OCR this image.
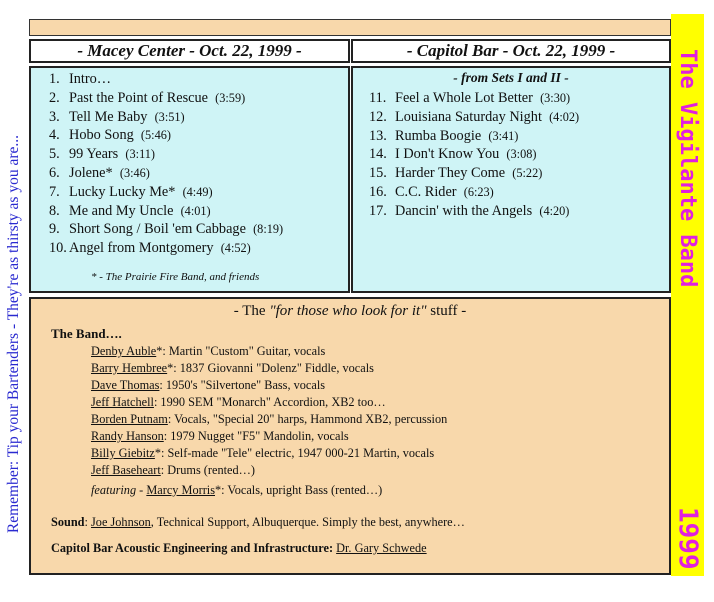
Remember: Tip your Bartenders - They're as thirsty as you are...
- Macey Center - Oct. 22, 1999 -	- Capitol Bar - Oct. 22, 1999 -
1. Intro…
2. Past the Point of Rescue (3:59)
3. Tell Me Baby (3:51)
4. Hobo Song (5:46)
5. 99 Years (3:11)
6. Jolene* (3:46)
7. Lucky Lucky Me* (4:49)
8. Me and My Uncle (4:01)
9. Short Song / Boil 'em Cabbage (8:19)
10. Angel from Montgomery (4:52)
* - The Prairie Fire Band, and friends
- from Sets I and II -
11. Feel a Whole Lot Better (3:30)
12. Louisiana Saturday Night (4:02)
13. Rumba Boogie (3:41)
14. I Don't Know You (3:08)
15. Harder They Come (5:22)
16. C.C. Rider (6:23)
17. Dancin' with the Angels (4:20)
- The "for those who look for it" stuff -
The Band….
Denby Auble*: Martin "Custom" Guitar, vocals
Barry Hembree*: 1837 Giovanni "Dolenz" Fiddle, vocals
Dave Thomas: 1950's "Silvertone" Bass, vocals
Jeff Hatchell: 1990 SEM "Monarch" Accordion, XB2 too…
Borden Putnam: Vocals, "Special 20" harps, Hammond XB2, percussion
Randy Hanson: 1979 Nugget "F5" Mandolin, vocals
Billy Giebitz*: Self-made "Tele" electric, 1947 000-21 Martin, vocals
Jeff Baseheart: Drums (rented…)
featuring - Marcy Morris*: Vocals, upright Bass (rented…)
Sound: Joe Johnson, Technical Support, Albuquerque. Simply the best, anywhere…
Capitol Bar Acoustic Engineering and Infrastructure: Dr. Gary Schwede
The Vigilante Band
1999
